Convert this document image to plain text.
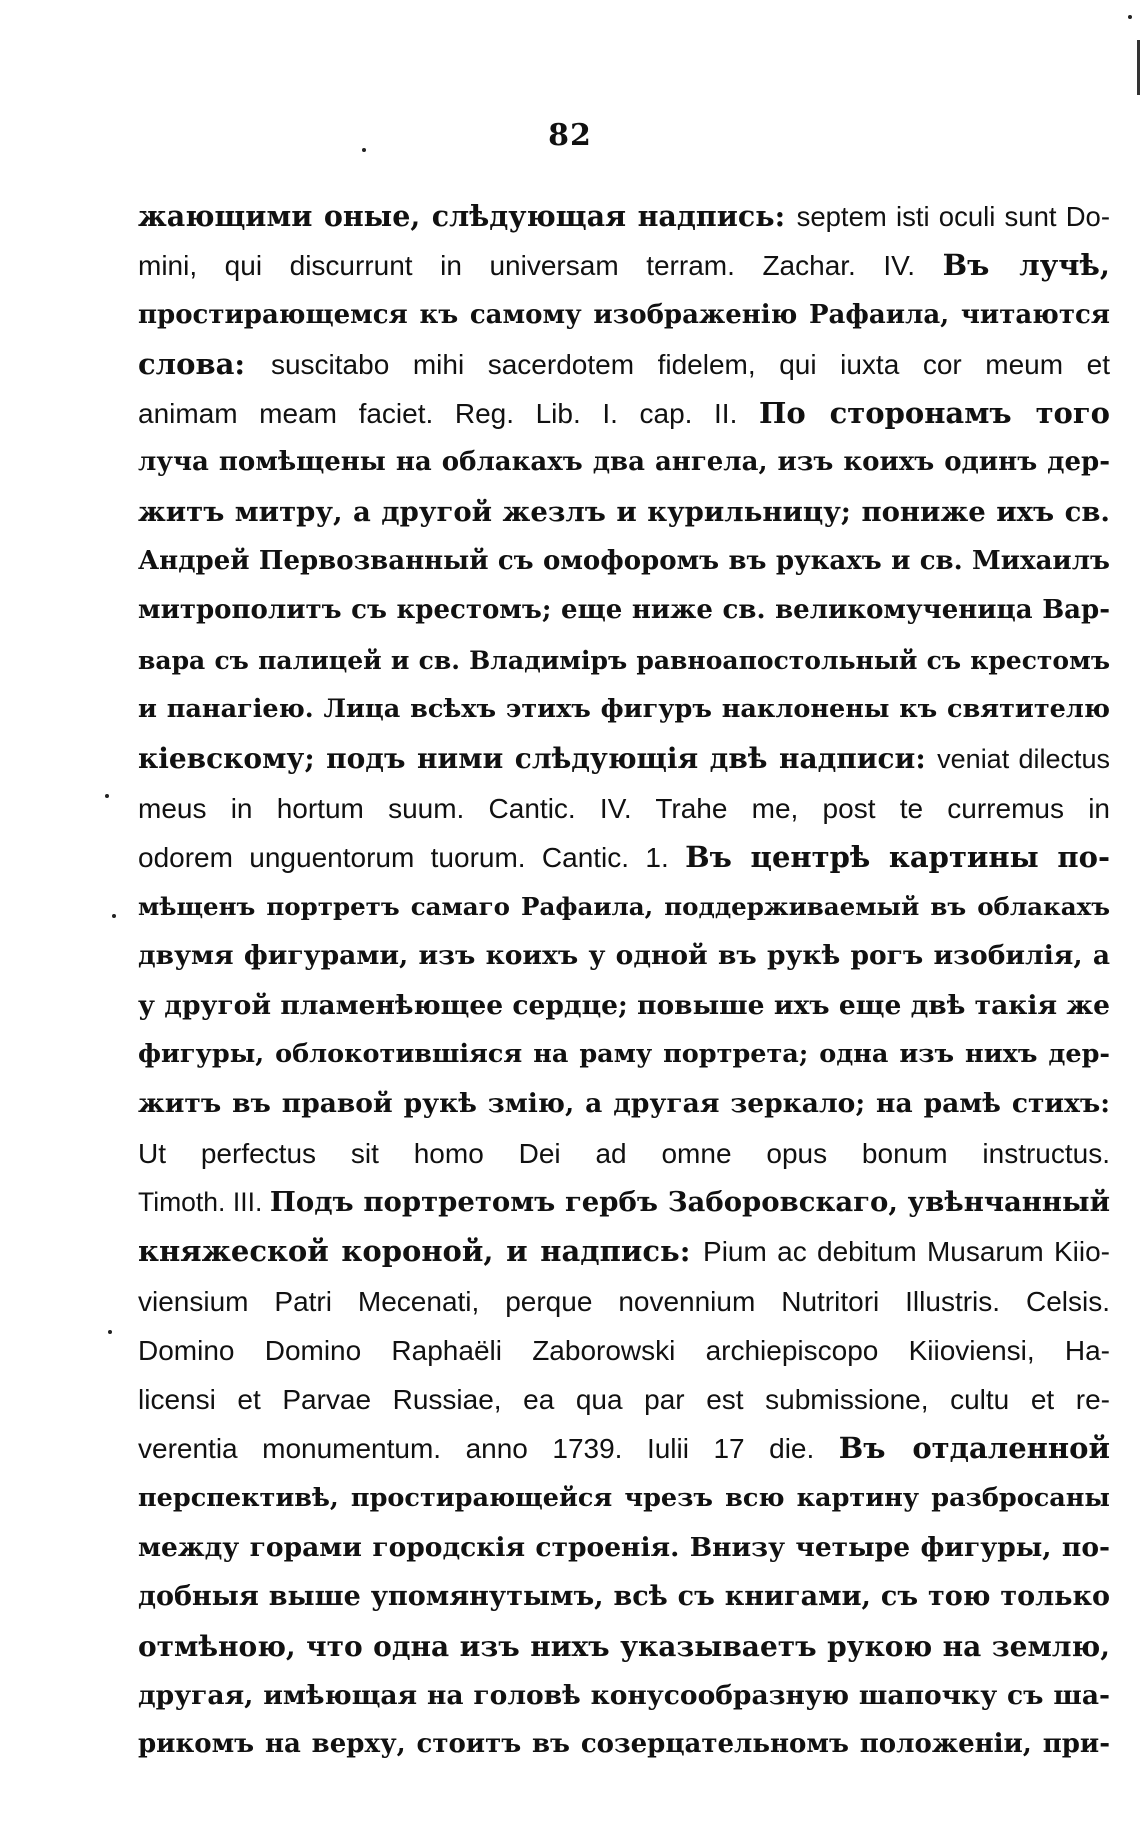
82
жающими оные, слѣдующая надпись: septem isti oculi sunt Do-
mini, qui discurrunt in universam terram. Zachar. IV. Въ лучѣ,
простирающемся къ самому изображенію Рафаила, читаются
слова: suscitabo mihi sacerdotem fidelem, qui iuxta cor meum et
animam meam faciet. Reg. Lib. I. cap. II. По сторонамъ того
луча помѣщены на облакахъ два ангела, изъ коихъ одинъ дер-
житъ митру, а другой жезлъ и курильницу; пониже ихъ св.
Андрей Первозванный съ омофоромъ въ рукахъ и св. Михаилъ
митрополитъ съ крестомъ; еще ниже св. великомученица Вар-
вара съ палицей и св. Владиміръ равноапостольный съ крестомъ
и панагіею. Лица всѣхъ этихъ фигуръ наклонены къ святителю
кіевскому; подъ ними слѣдующія двѣ надписи: veniat dilectus
meus in hortum suum. Cantic. IV. Trahe me, post te curremus in
odorem unguentorum tuorum. Cantic. 1. Въ центрѣ картины по-
мѣщенъ портретъ самаго Рафаила, поддерживаемый въ облакахъ
двумя фигурами, изъ коихъ у одной въ рукѣ рогъ изобилія, а
у другой пламенѣющее сердце; повыше ихъ еще двѣ такія же
фигуры, облокотившіяся на раму портрета; одна изъ нихъ дер-
житъ въ правой рукѣ змію, а другая зеркало; на рамѣ стихъ:
Ut perfectus sit homo Dei ad omne opus bonum instructus.
Timoth. III. Подъ портретомъ гербъ Заборовскаго, увѣнчанный
княжеской короной, и надпись: Pium ac debitum Musarum Kiio-
viensium Patri Mecenati, perque novennium Nutritori Illustris. Celsis.
Domino Domino Raphaëli Zaborowski archiepiscopo Kiioviensi, Ha-
licensi et Parvae Russiae, ea qua par est submissione, cultu et re-
verentia monumentum. anno 1739. Iulii 17 die. Въ отдаленной
перспективѣ, простирающейся чрезъ всю картину разбросаны
между горами городскія строенія. Внизу четыре фигуры, по-
добныя выше упомянутымъ, всѣ съ книгами, съ тою только
отмѣною, что одна изъ нихъ указываетъ рукою на землю,
другая, имѣющая на головѣ конусообразную шапочку съ ша-
рикомъ на верху, стоитъ въ созерцательномъ положеніи, при-
